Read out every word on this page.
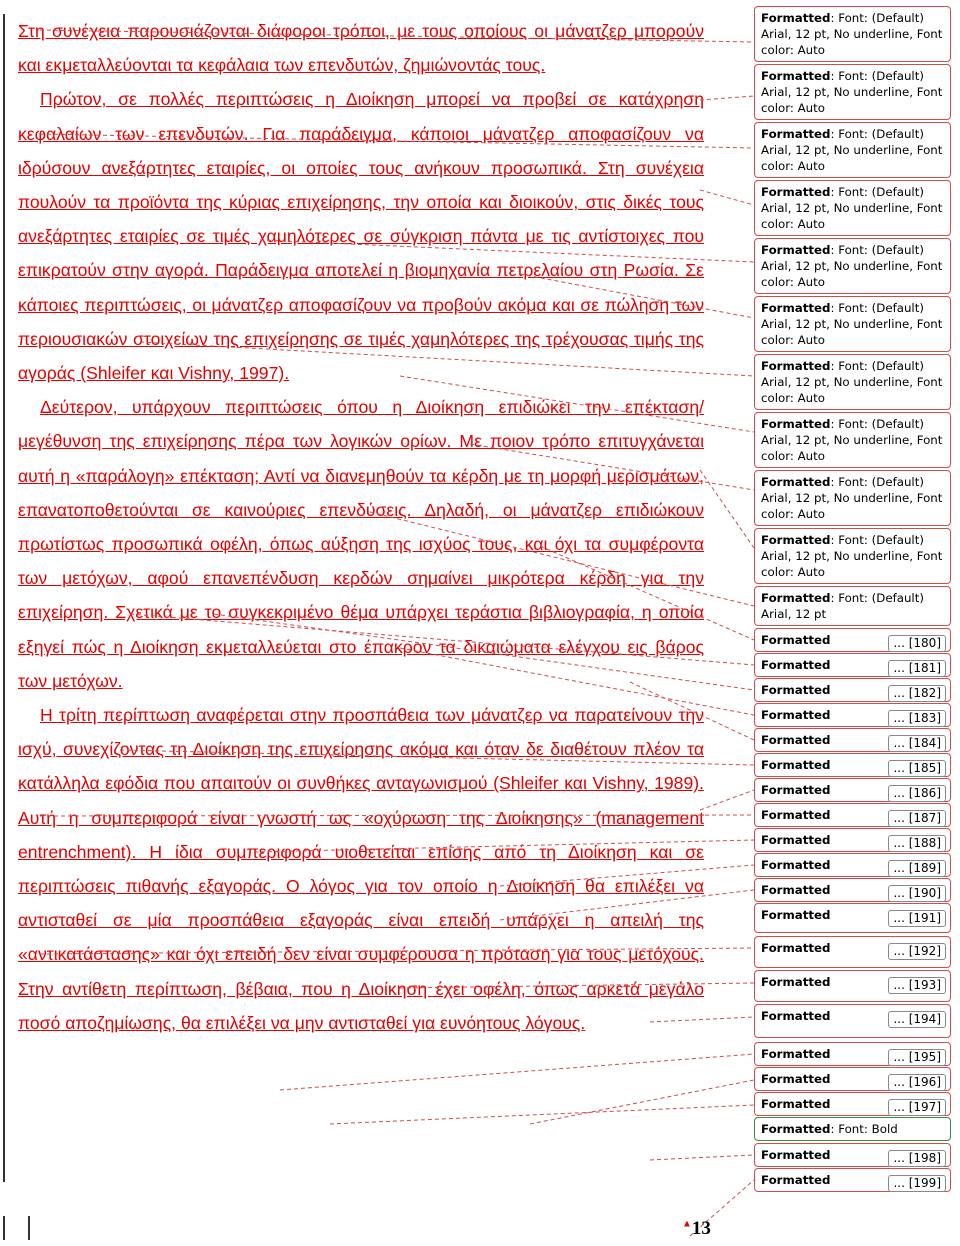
Στη συνέχεια παρουσιάζονται διάφοροι τρόποι, με τους οποίους οι μάνατζερ μπορούν και εκμεταλλεύονται τα κεφάλαια των επενδυτών, ζημιώνοντάς τους.

Πρώτον, σε πολλές περιπτώσεις η Διοίκηση μπορεί να προβεί σε κατάχρηση κεφαλαίων των επενδυτών. Για παράδειγμα, κάποιοι μάνατζερ αποφασίζουν να ιδρύσουν ανεξάρτητες εταιρίες, οι οποίες τους ανήκουν προσωπικά. Στη συνέχεια πουλούν τα προϊόντα της κύριας επιχείρησης, την οποία και διοικούν, στις δικές τους ανεξάρτητες εταιρίες σε τιμές χαμηλότερες σε σύγκριση πάντα με τις αντίστοιχες που επικρατούν στην αγορά. Παράδειγμα αποτελεί η βιομηχανία πετρελαίου στη Ρωσία. Σε κάποιες περιπτώσεις, οι μάνατζερ αποφασίζουν να προβούν ακόμα και σε πώληση των περιουσιακών στοιχείων της επιχείρησης σε τιμές χαμηλότερες της τρέχουσας τιμής της αγοράς (Shleifer και Vishny, 1997).

Δεύτερον, υπάρχουν περιπτώσεις όπου η Διοίκηση επιδιώκει την επέκταση/μεγέθυνση της επιχείρησης πέρα των λογικών ορίων. Με ποιον τρόπο επιτυγχάνεται αυτή η «παράλογη» επέκταση; Αντί να διανεμηθούν τα κέρδη με τη μορφή μερισμάτων, επανατοποθετούνται σε καινούριες επενδύσεις. Δηλαδή, οι μάνατζερ επιδιώκουν πρωτίστως προσωπικά οφέλη, όπως αύξηση της ισχύος τους, και όχι τα συμφέροντα των μετόχων, αφού επανεπένδυση κερδών σημαίνει μικρότερα κέρδη για την επιχείρηση. Σχετικά με το συγκεκριμένο θέμα υπάρχει τεράστια βιβλιογραφία, η οποία εξηγεί πώς η Διοίκηση εκμεταλλεύεται στο έπακρον τα δικαιώματα ελέγχου εις βάρος των μετόχων.

Η τρίτη περίπτωση αναφέρεται στην προσπάθεια των μάνατζερ να παρατείνουν την ισχύ, συνεχίζοντας τη Διοίκηση της επιχείρησης ακόμα και όταν δε διαθέτουν πλέον τα κατάλληλα εφόδια που απαιτούν οι συνθήκες ανταγωνισμού (Shleifer και Vishny, 1989). Αυτή η συμπεριφορά είναι γνωστή ως «οχύρωση της Διοίκησης» (management entrenchment). Η ίδια συμπεριφορά υιοθετείται επίσης από τη Διοίκηση και σε περιπτώσεις πιθανής εξαγοράς. Ο λόγος για τον οποίο η Διοίκηση θα επιλέξει να αντισταθεί σε μία προσπάθεια εξαγοράς είναι επειδή υπάρχει η απειλή της «αντικατάστασης» και όχι επειδή δεν είναι συμφέρουσα η πρόταση για τους μετόχους. Στην αντίθετη περίπτωση, βέβαια, που η Διοίκηση έχει οφέλη, όπως αρκετά μεγάλο ποσό αποζημίωσης, θα επιλέξει να μην αντισταθεί για ευνόητους λόγους.

Formatted: Font: (Default) Arial, 12 pt, No underline, Font color: Auto
Formatted: Font: (Default) Arial, 12 pt, No underline, Font color: Auto
Formatted: Font: (Default) Arial, 12 pt, No underline, Font color: Auto
Formatted: Font: (Default) Arial, 12 pt, No underline, Font color: Auto
Formatted: Font: (Default) Arial, 12 pt, No underline, Font color: Auto
Formatted: Font: (Default) Arial, 12 pt, No underline, Font color: Auto
Formatted: Font: (Default) Arial, 12 pt, No underline, Font color: Auto
Formatted: Font: (Default) Arial, 12 pt, No underline, Font color: Auto
Formatted: Font: (Default) Arial, 12 pt, No underline, Font color: Auto
Formatted: Font: (Default) Arial, 12 pt, No underline, Font color: Auto
Formatted: Font: (Default) Arial, 12 pt
Formatted	... [180]
Formatted	... [181]
Formatted	... [182]
Formatted	... [183]
Formatted	... [184]
Formatted	... [185]
Formatted	... [186]
Formatted	... [187]
Formatted	... [188]
Formatted	... [189]
Formatted	... [190]
Formatted	... [191]
Formatted	... [192]
Formatted	... [193]
Formatted	... [194]
Formatted	... [195]
Formatted	... [196]
Formatted	... [197]
Formatted: Font: Bold
Formatted	... [198]
Formatted	... [199]
▲13
